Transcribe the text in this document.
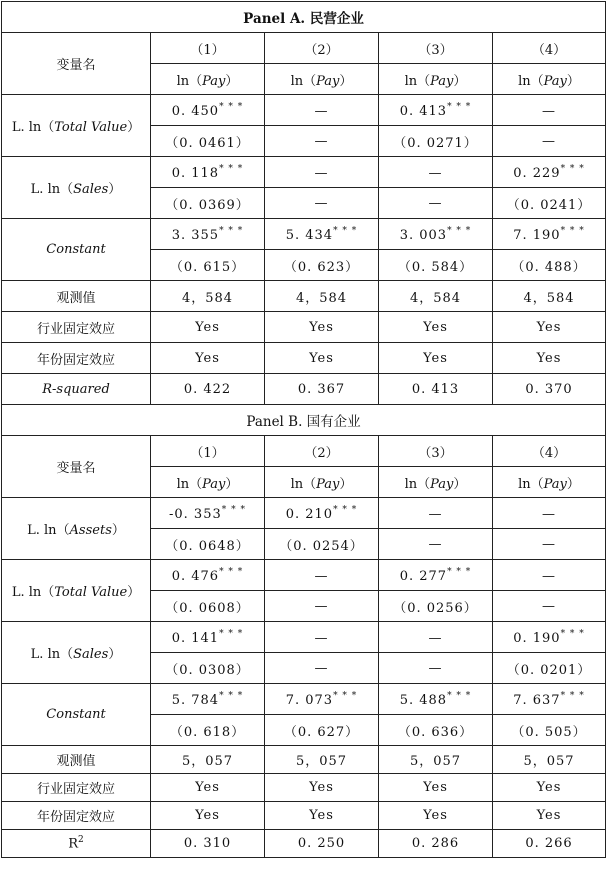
Panel A. 民营企业				
变量名	（1）	（2）	（3）	（4）
	ln（Pay）	ln（Pay）	ln（Pay）	ln（Pay）
L. ln（Total Value）	0. 450* * *	—	0. 413* * *	—
	（0. 0461）	—	（0. 0271）	—
L. ln（Sales）	0. 118* * *	—	—	0. 229* * *
	（0. 0369）	—	—	（0. 0241）
Constant	3. 355* * *	5. 434* * *	3. 003* * *	7. 190* * *
	（0. 615）	（0. 623）	（0. 584）	（0. 488）
观测值	4，584	4，584	4，584	4，584
行业固定效应	Yes	Yes	Yes	Yes
年份固定效应	Yes	Yes	Yes	Yes
R-squared	0. 422	0. 367	0. 413	0. 370
Panel B. 国有企业				
变量名	（1）	（2）	（3）	（4）
	ln（Pay）	ln（Pay）	ln（Pay）	ln（Pay）
L. ln（Assets）	-0. 353* * *	0. 210* * *	—	—
	（0. 0648）	（0. 0254）	—	—
L. ln（Total Value）	0. 476* * *	—	0. 277* * *	—
	（0. 0608）	—	（0. 0256）	—
L. ln（Sales）	0. 141* * *	—	—	0. 190* * *
	（0. 0308）	—	—	（0. 0201）
Constant	5. 784* * *	7. 073* * *	5. 488* * *	7. 637* * *
	（0. 618）	（0. 627）	（0. 636）	（0. 505）
观测值	5，057	5，057	5，057	5，057
行业固定效应	Yes	Yes	Yes	Yes
年份固定效应	Yes	Yes	Yes	Yes
$R^2$	0. 310	0. 250	0. 286	0. 266
